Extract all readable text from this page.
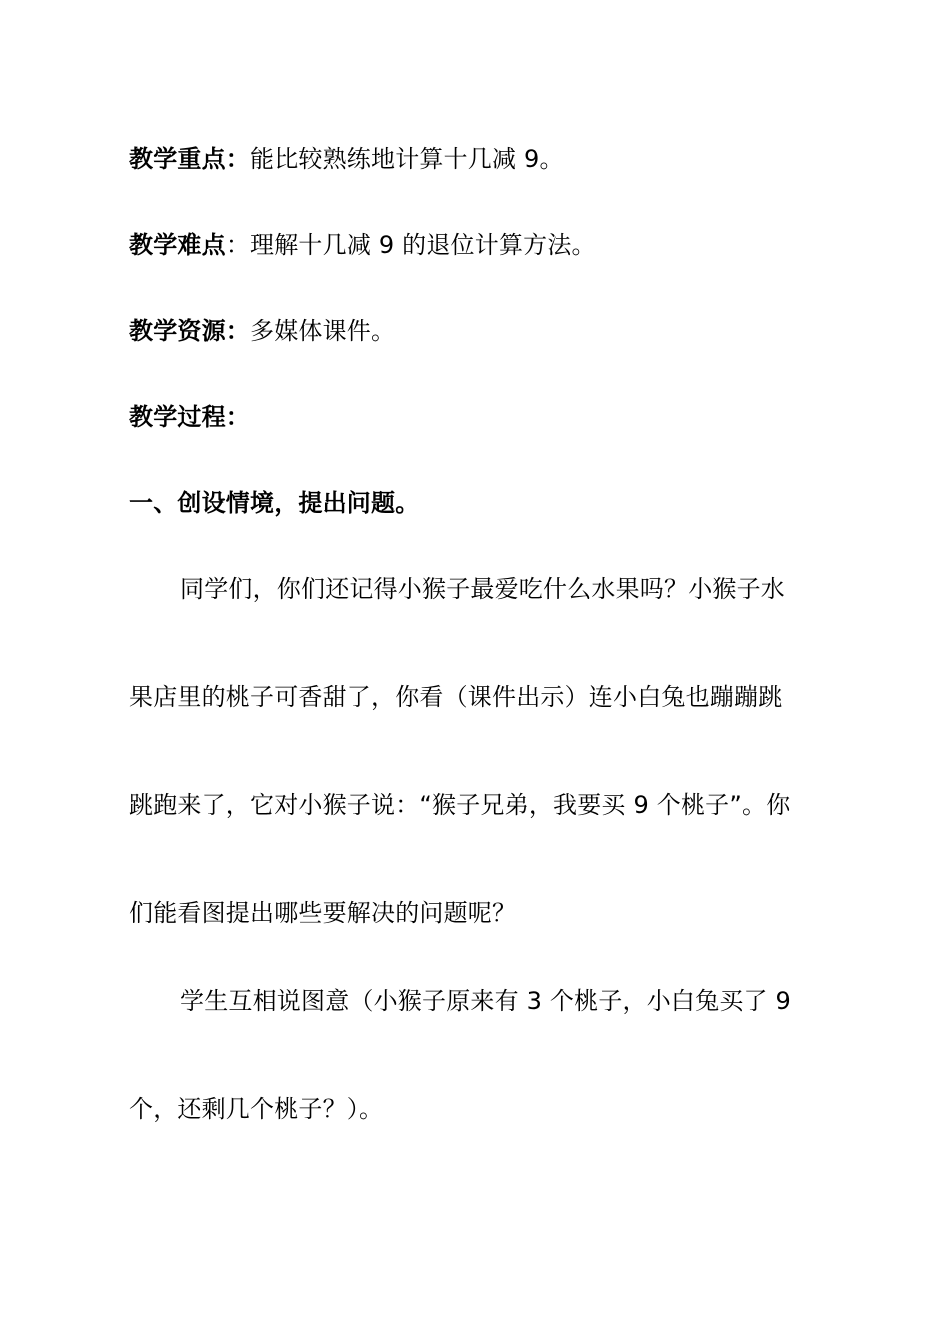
教学重点：能比较熟练地计算十几减 9。
教学难点：理解十几减 9 的退位计算方法。
教学资源：多媒体课件。
教学过程：
一、创设情境，提出问题。
同学们，你们还记得小猴子最爱吃什么水果吗？小猴子水
果店里的桃子可香甜了，你看（课件出示）连小白兔也蹦蹦跳
跳跑来了，它对小猴子说：“猴子兄弟，我要买 9 个桃子”。你
们能看图提出哪些要解决的问题呢？
学生互相说图意（小猴子原来有 3 个桃子，小白兔买了 9
个，还剩几个桃子？）。
